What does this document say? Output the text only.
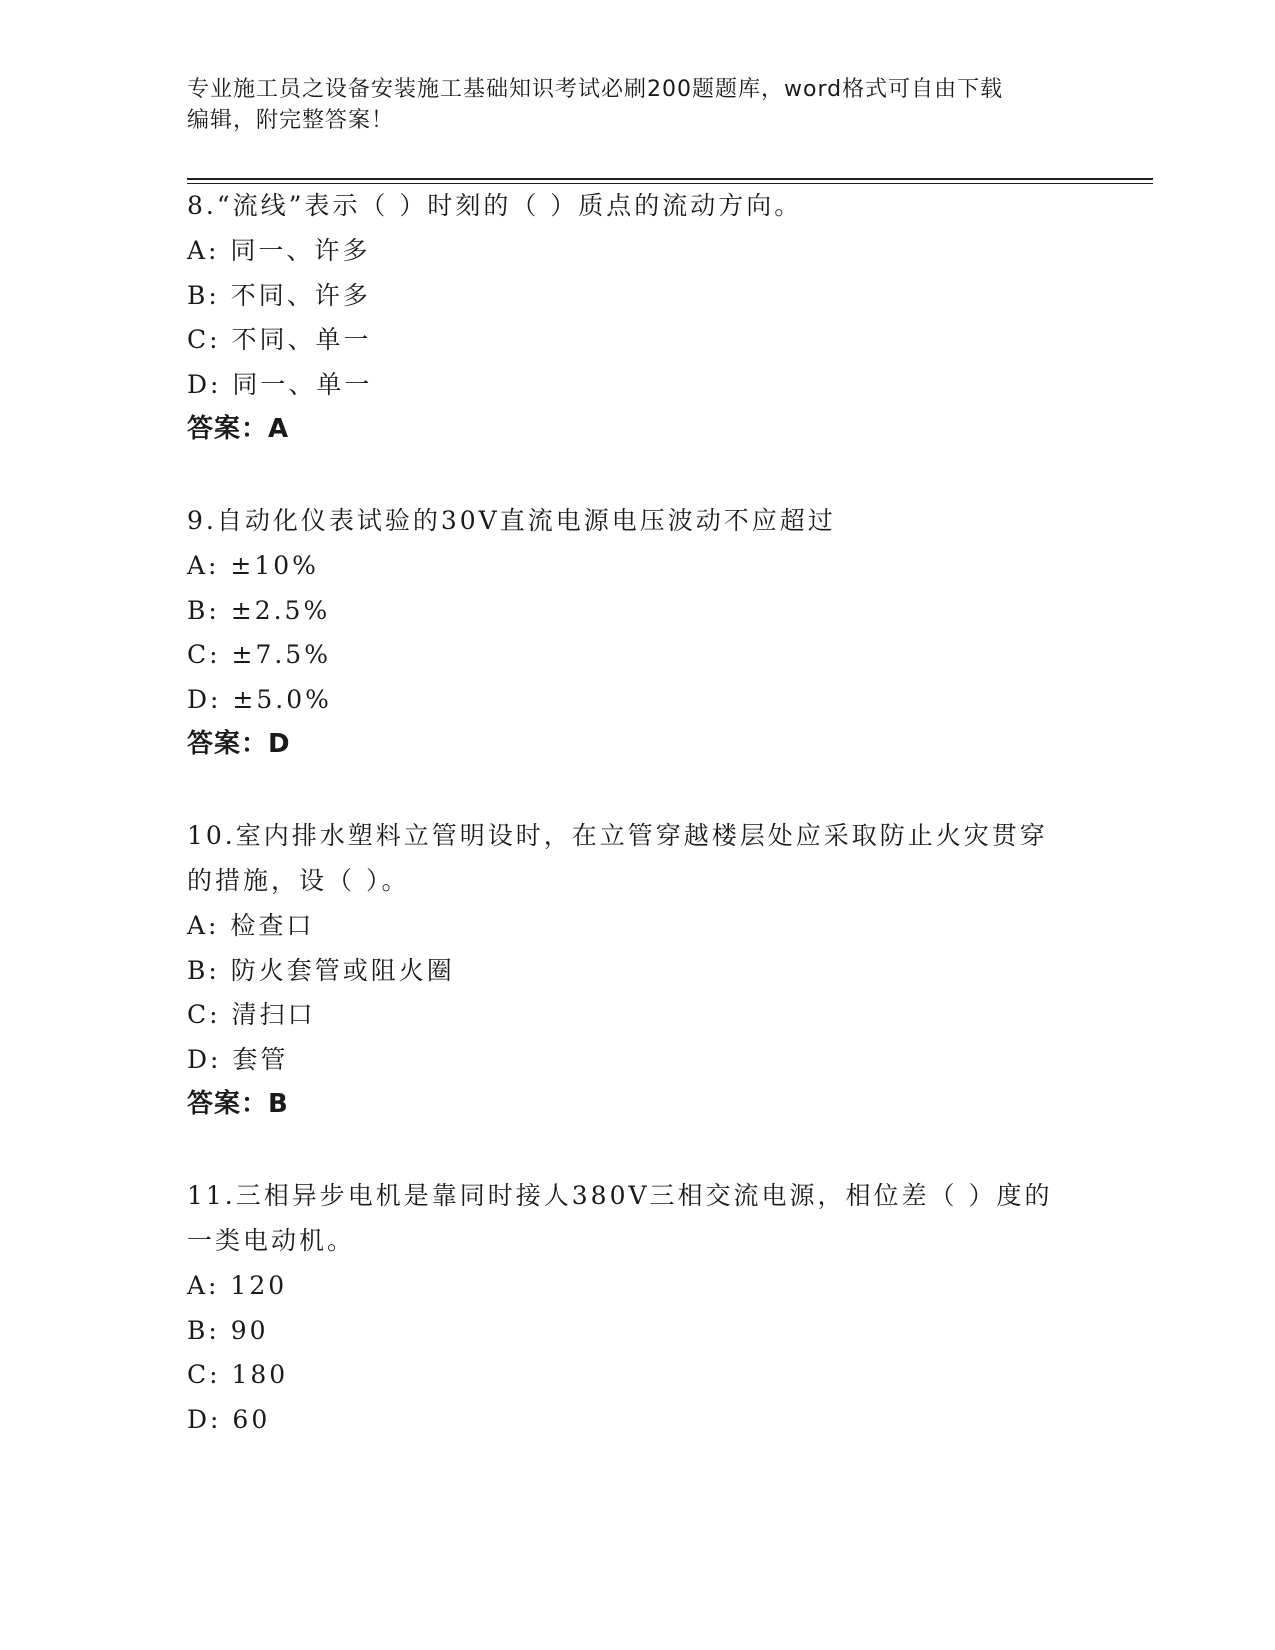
专业施工员之设备安装施工基础知识考试必刷200题题库，word格式可自由下载
编辑，附完整答案！
8.“流线”表示（ ）时刻的（ ）质点的流动方向。
A: 同一、许多
B: 不同、许多
C: 不同、单一
D: 同一、单一
答案：A
9.自动化仪表试验的30V直流电源电压波动不应超过
A: ±10%
B: ±2.5%
C: ±7.5%
D: ±5.0%
答案：D
10.室内排水塑料立管明设时，在立管穿越楼层处应采取防止火灾贯穿
的措施，设（ ）。
A: 检查口
B: 防火套管或阻火圈
C: 清扫口
D: 套管
答案：B
11.三相异步电机是靠同时接人380V三相交流电源，相位差（ ）度的
一类电动机。
A: 120
B: 90
C: 180
D: 60
